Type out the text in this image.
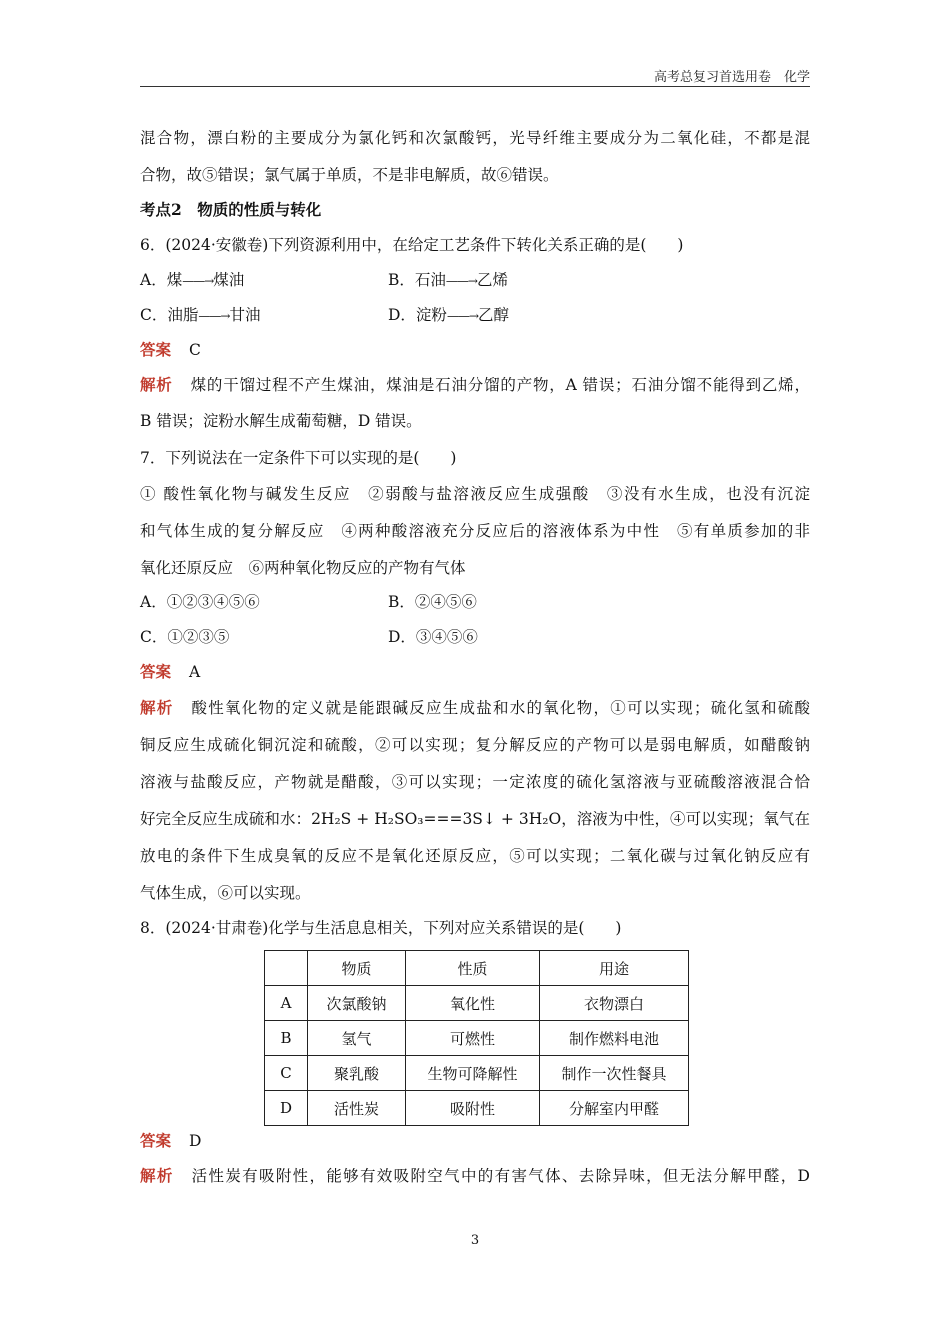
高考总复习首选用卷　化学
混合物，漂白粉的主要成分为氯化钙和次氯酸钙，光导纤维主要成分为二氧化硅，不都是混
合物，故⑤错误；氯气属于单质，不是非电解质，故⑥错误。
考点2　物质的性质与转化
6．(2024·安徽卷)下列资源利用中，在给定工艺条件下转化关系正确的是(　　)
A．煤——→煤油	B．石油——→乙烯
C．油脂——→甘油	D．淀粉——→乙醇
答案 C
解析 煤的干馏过程不产生煤油，煤油是石油分馏的产物，A 错误；石油分馏不能得到乙烯，
B 错误；淀粉水解生成葡萄糖，D 错误。
7．下列说法在一定条件下可以实现的是(　　)
① 酸性氧化物与碱发生反应　②弱酸与盐溶液反应生成强酸　③没有水生成，也没有沉淀
和气体生成的复分解反应　④两种酸溶液充分反应后的溶液体系为中性　⑤有单质参加的非
氧化还原反应　⑥两种氧化物反应的产物有气体
A．①②③④⑤⑥	B．②④⑤⑥
C．①②③⑤	D．③④⑤⑥
答案 A
解析 酸性氧化物的定义就是能跟碱反应生成盐和水的氧化物，①可以实现；硫化氢和硫酸
铜反应生成硫化铜沉淀和硫酸，②可以实现；复分解反应的产物可以是弱电解质，如醋酸钠
溶液与盐酸反应，产物就是醋酸，③可以实现；一定浓度的硫化氢溶液与亚硫酸溶液混合恰
好完全反应生成硫和水：2H₂S + H₂SO₃===3S↓ + 3H₂O，溶液为中性，④可以实现；氧气在
放电的条件下生成臭氧的反应不是氧化还原反应，⑤可以实现；二氧化碳与过氧化钠反应有
气体生成，⑥可以实现。
8．(2024·甘肃卷)化学与生活息息相关，下列对应关系错误的是(　　)
	物质	性质	用途
A	次氯酸钠	氧化性	衣物漂白
B	氢气	可燃性	制作燃料电池
C	聚乳酸	生物可降解性	制作一次性餐具
D	活性炭	吸附性	分解室内甲醛
答案 D
解析 活性炭有吸附性，能够有效吸附空气中的有害气体、去除异味，但无法分解甲醛，D
3
